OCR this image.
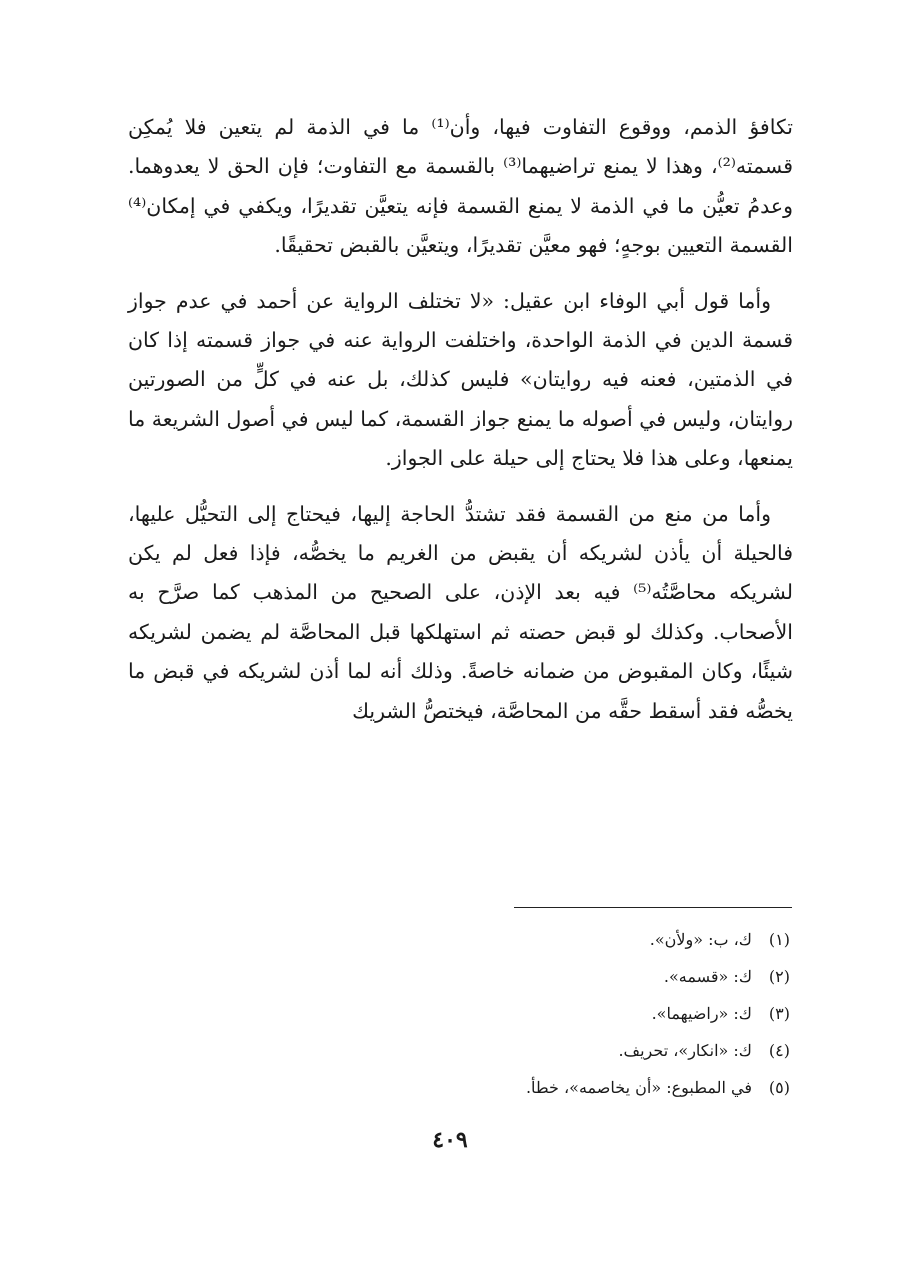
تكافؤ الذمم، ووقوع التفاوت فيها، وأن⁽¹⁾ ما في الذمة لم يتعين فلا يُمكِن قسمته⁽²⁾، وهذا لا يمنع تراضيهما⁽³⁾ بالقسمة مع التفاوت؛ فإن الحق لا يعدوهما. وعدمُ تعيُّن ما في الذمة لا يمنع القسمة فإنه يتعيَّن تقديرًا، ويكفي في إمكان⁽⁴⁾ القسمة التعيين بوجهٍ؛ فهو معيَّن تقديرًا، ويتعيَّن بالقبض تحقيقًا.

وأما قول أبي الوفاء ابن عقيل: «لا تختلف الرواية عن أحمد في عدم جواز قسمة الدين في الذمة الواحدة، واختلفت الرواية عنه في جواز قسمته إذا كان في الذمتين، فعنه فيه روايتان» فليس كذلك، بل عنه في كلٍّ من الصورتين روايتان، وليس في أصوله ما يمنع جواز القسمة، كما ليس في أصول الشريعة ما يمنعها، وعلى هذا فلا يحتاج إلى حيلة على الجواز.

وأما من منع من القسمة فقد تشتدُّ الحاجة إليها، فيحتاج إلى التحيُّل عليها، فالحيلة أن يأذن لشريكه أن يقبض من الغريم ما يخصُّه، فإذا فعل لم يكن لشريكه محاصَّتُه⁽⁵⁾ فيه بعد الإذن، على الصحيح من المذهب كما صرَّح به الأصحاب. وكذلك لو قبض حصته ثم استهلكها قبل المحاصَّة لم يضمن لشريكه شيئًا، وكان المقبوض من ضمانه خاصةً. وذلك أنه لما أذن لشريكه في قبض ما يخصُّه فقد أسقط حقَّه من المحاصَّة، فيختصُّ الشريك

(١)ك، ب: «ولأن».

(٢)ك: «قسمه».

(٣)ك: «راضيهما».

(٤)ك: «انكار»، تحريف.

(٥)في المطبوع: «أن يخاصمه»، خطأ.

٤٠٩
